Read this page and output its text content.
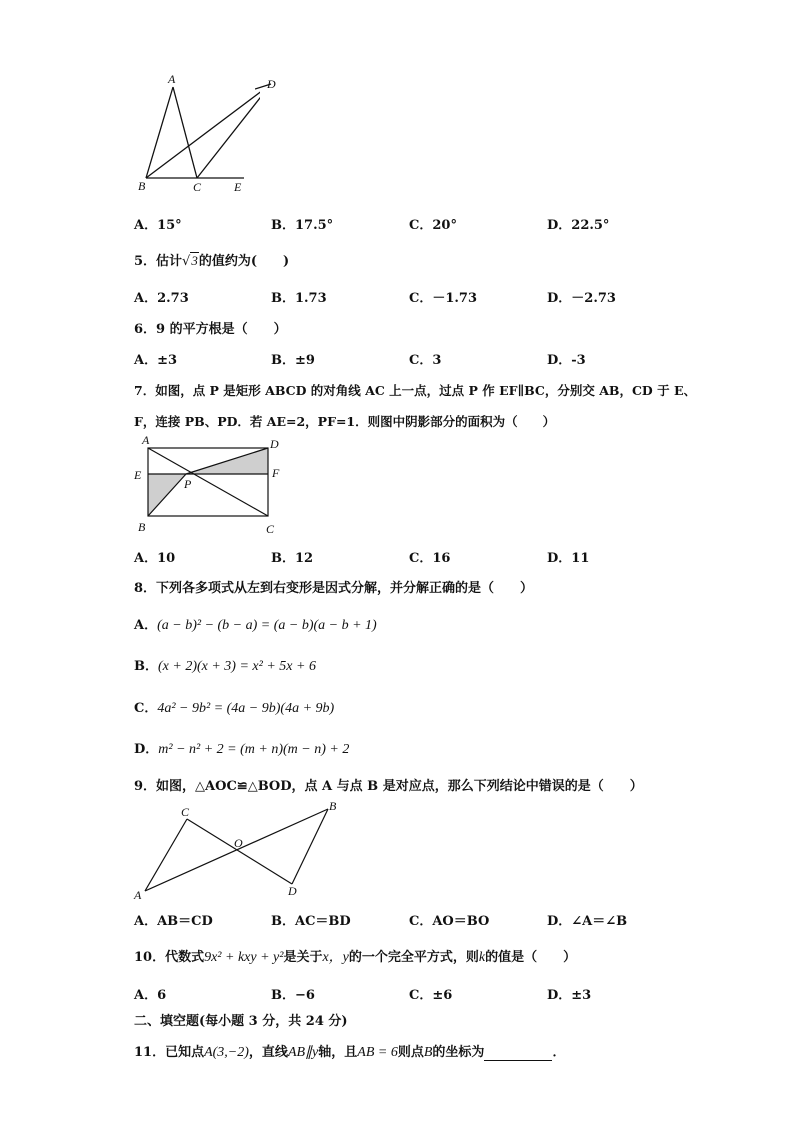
A
B	C	E
D
A．15°	B．17.5°	C．20°	D．22.5°
5．估计√3的值约为(　　)
A．2.73	B．1.73	C．－1.73	D．－2.73
6．9 的平方根是（　　）
A．±3	B．±9	C．3	D．-3
7．如图，点 P 是矩形 ABCD 的对角线 AC 上一点，过点 P 作 EF∥BC，分别交 AB，CD 于 E、
F，连接 PB、PD．若 AE=2，PF=1．则图中阴影部分的面积为（　　）
A	D
E	F
P
B	C
A．10	B．12	C．16	D．11
8．下列各多项式从左到右变形是因式分解，并分解正确的是（　　）
A．(a − b)² − (b − a) = (a − b)(a − b + 1)
B．(x + 2)(x + 3) = x² + 5x + 6
C．4a² − 9b² = (4a − 9b)(4a + 9b)
D．m² − n² + 2 = (m + n)(m − n) + 2
9．如图，△AOC≌△BOD，点 A 与点 B 是对应点，那么下列结论中错误的是（　　）
A
C
O
B
D
A．AB＝CD	B．AC＝BD	C．AO＝BO	D．∠A＝∠B
10．代数式9x² + kxy + y²是关于x，y的一个完全平方式，则k的值是（　　）
A．6	B．−6	C．±6	D．±3
二、填空题(每小题 3 分，共 24 分)
11．已知点A(3,−2)，直线AB∥y轴，且AB = 6则点B的坐标为	．
